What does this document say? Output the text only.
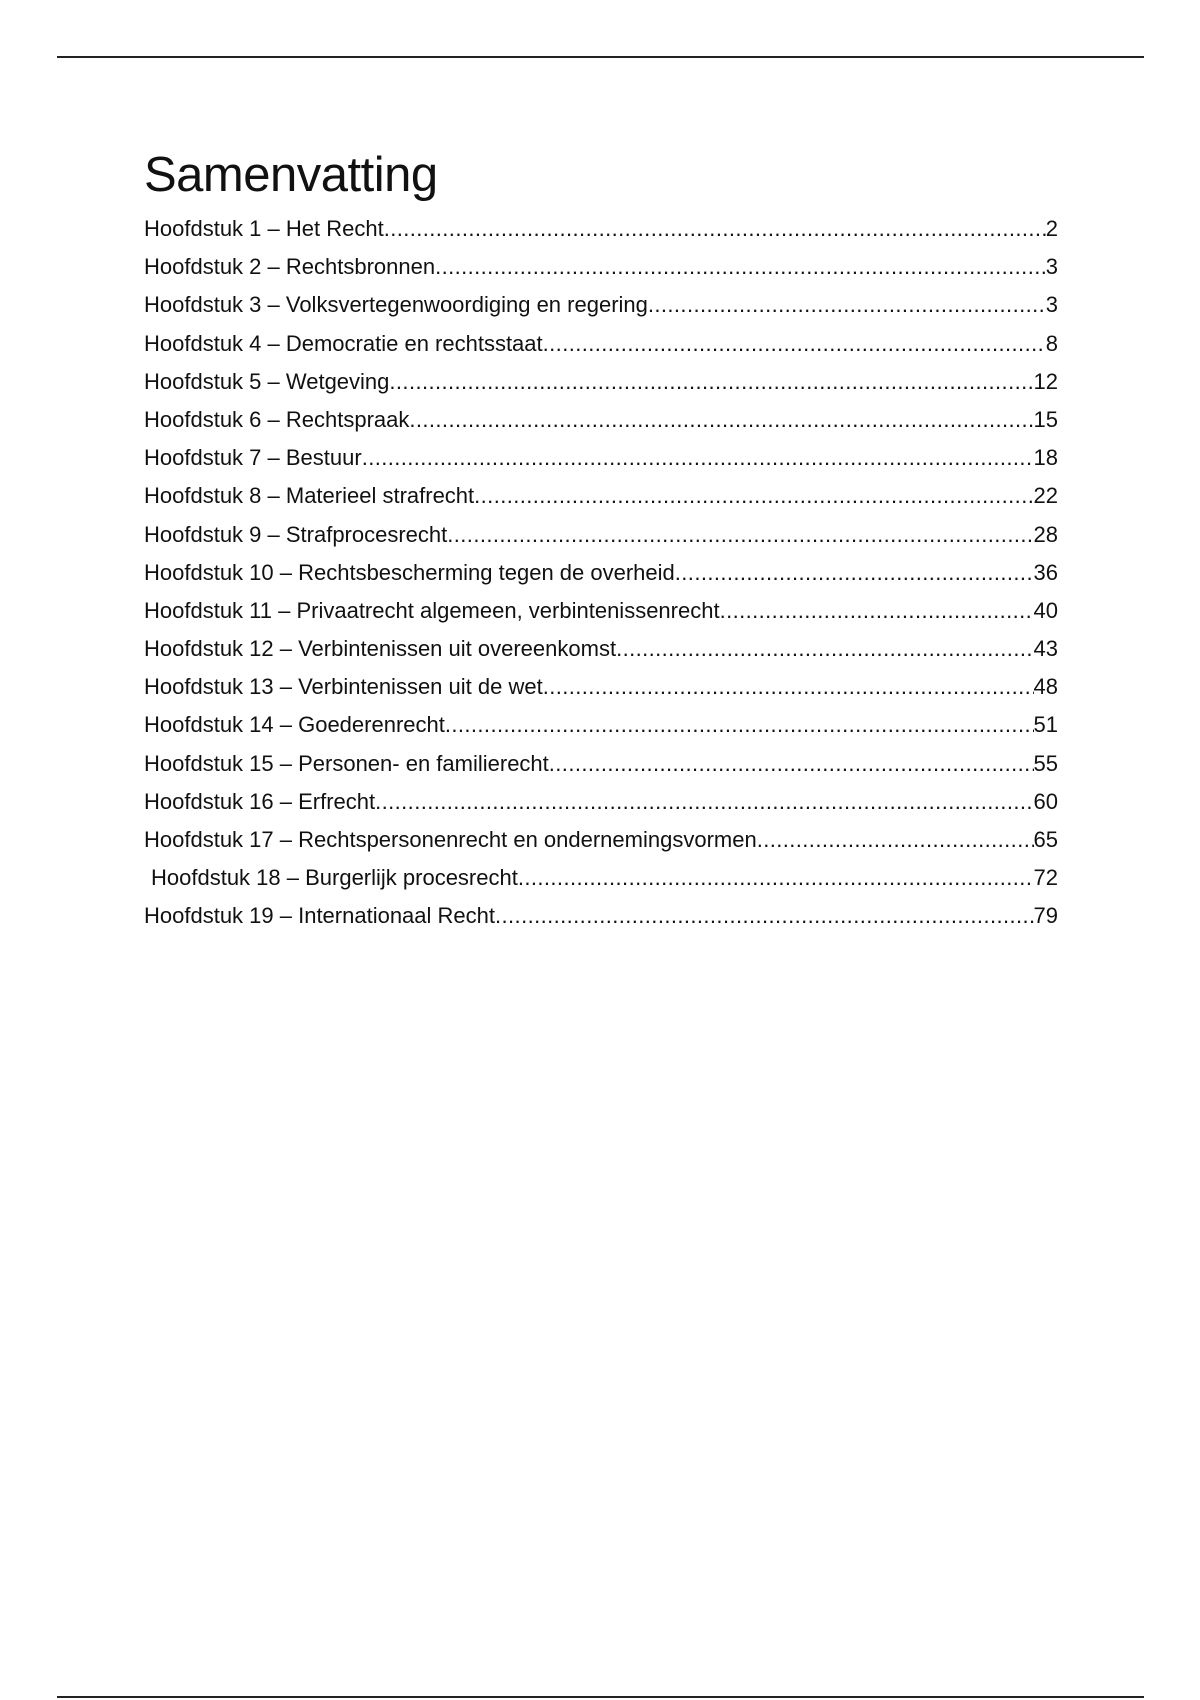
Samenvatting
Hoofdstuk 1 – Het Recht .....	2
Hoofdstuk 2 – Rechtsbronnen .....	3
Hoofdstuk 3 – Volksvertegenwoordiging en regering .....	3
Hoofdstuk 4 – Democratie en rechtsstaat .....	8
Hoofdstuk 5 – Wetgeving .....	12
Hoofdstuk 6 – Rechtspraak .....	15
Hoofdstuk 7 – Bestuur .....	18
Hoofdstuk 8 – Materieel strafrecht .....	22
Hoofdstuk 9 – Strafprocesrecht .....	28
Hoofdstuk 10 – Rechtsbescherming tegen de overheid .....	36
Hoofdstuk 11 – Privaatrecht algemeen, verbintenissenrecht .....	40
Hoofdstuk 12 – Verbintenissen uit overeenkomst .....	43
Hoofdstuk 13 – Verbintenissen uit de wet .....	48
Hoofdstuk 14 – Goederenrecht .....	51
Hoofdstuk 15 – Personen- en familierecht .....	55
Hoofdstuk 16 – Erfrecht .....	60
Hoofdstuk 17 – Rechtspersonenrecht en ondernemingsvormen .....	65
Hoofdstuk 18 – Burgerlijk procesrecht .....	72
Hoofdstuk 19 – Internationaal Recht .....	79
